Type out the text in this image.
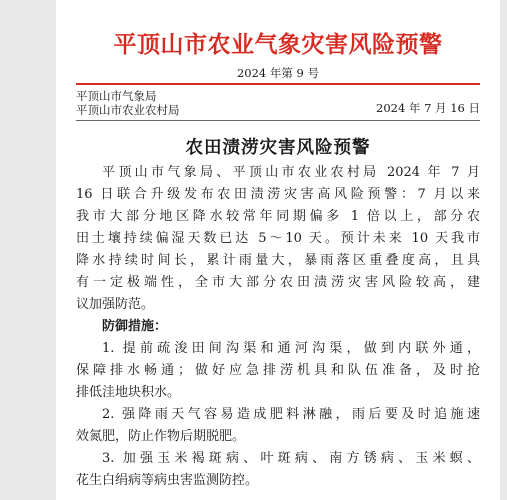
平顶山市农业气象灾害风险预警
2024 年第 9 号
平顶山市气象局
平顶山市农业农村局	2024 年 7 月 16 日
农田渍涝灾害风险预警
平顶山市气象局、平顶山市农业农村局 2024 年 7 月
16 日联合升级发布农田渍涝灾害高风险预警：7 月以来
我市大部分地区降水较常年同期偏多 1 倍以上，部分农
田土壤持续偏湿天数已达 5～10 天。预计未来 10 天我市
降水持续时间长，累计雨量大，暴雨落区重叠度高，且具
有一定极端性，全市大部分农田渍涝灾害风险较高，建
议加强防范。
防御措施：
1. 提前疏浚田间沟渠和通河沟渠，做到内联外通，
保障排水畅通；做好应急排涝机具和队伍准备，及时抢
排低洼地块积水。
2. 强降雨天气容易造成肥料淋融，雨后要及时追施速
效氮肥，防止作物后期脱肥。
3. 加强玉米褐斑病、叶斑病、南方锈病、玉米螟、
花生白绢病等病虫害监测防控。
